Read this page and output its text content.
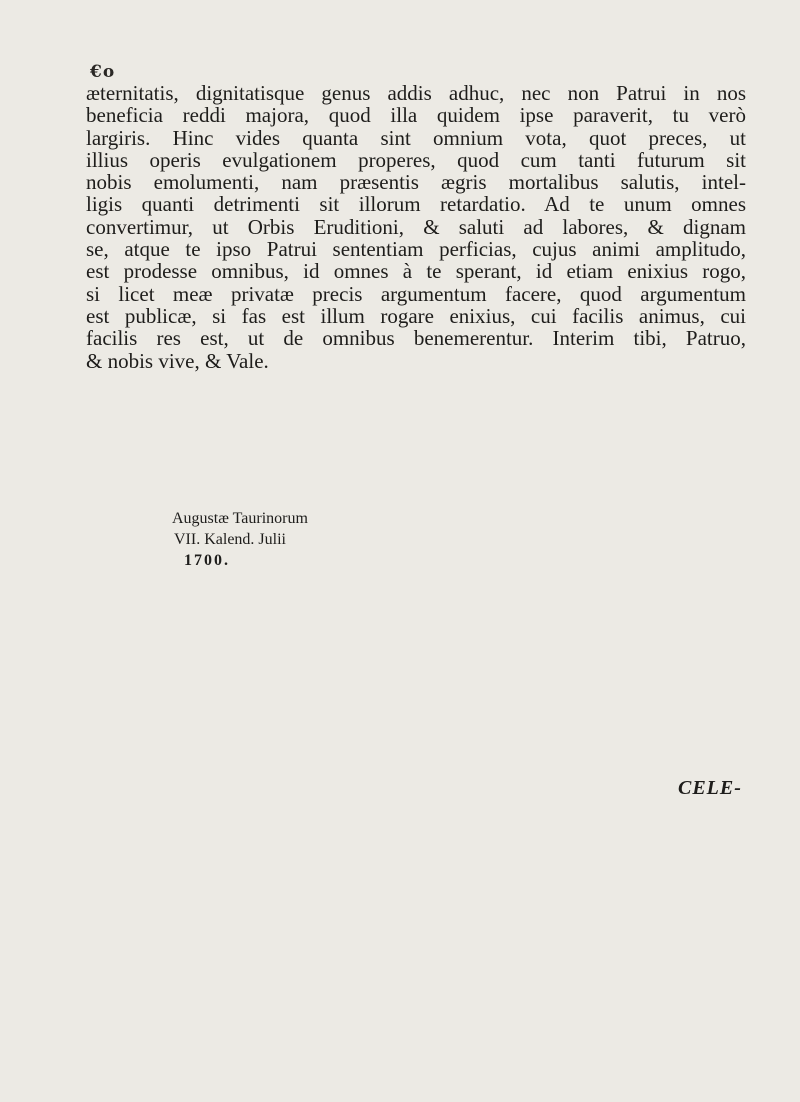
€o

æternitatis, dignitatisque genus addis adhuc, nec non Patrui in nos
beneficia reddi majora, quod illa quidem ipse paraverit, tu verò
largiris. Hinc vides quanta sint omnium vota, quot preces, ut
illius operis evulgationem properes, quod cum tanti futurum sit
nobis emolumenti, nam præsentis ægris mortalibus salutis, intel-
ligis quanti detrimenti sit illorum retardatio. Ad te unum omnes
convertimur, ut Orbis Eruditioni, & saluti ad labores, & dignam
se, atque te ipso Patrui sententiam perficias, cujus animi amplitudo,
est prodesse omnibus, id omnes à te sperant, id etiam enixius rogo,
si licet meæ privatæ precis argumentum facere, quod argumentum
est publicæ, si fas est illum rogare enixius, cui facilis animus, cui
facilis res est, ut de omnibus benemerentur. Interim tibi, Patruo,
& nobis vive, & Vale.

Augustæ Taurinorum
VII. Kalend. Julii
1700.
CELE-
